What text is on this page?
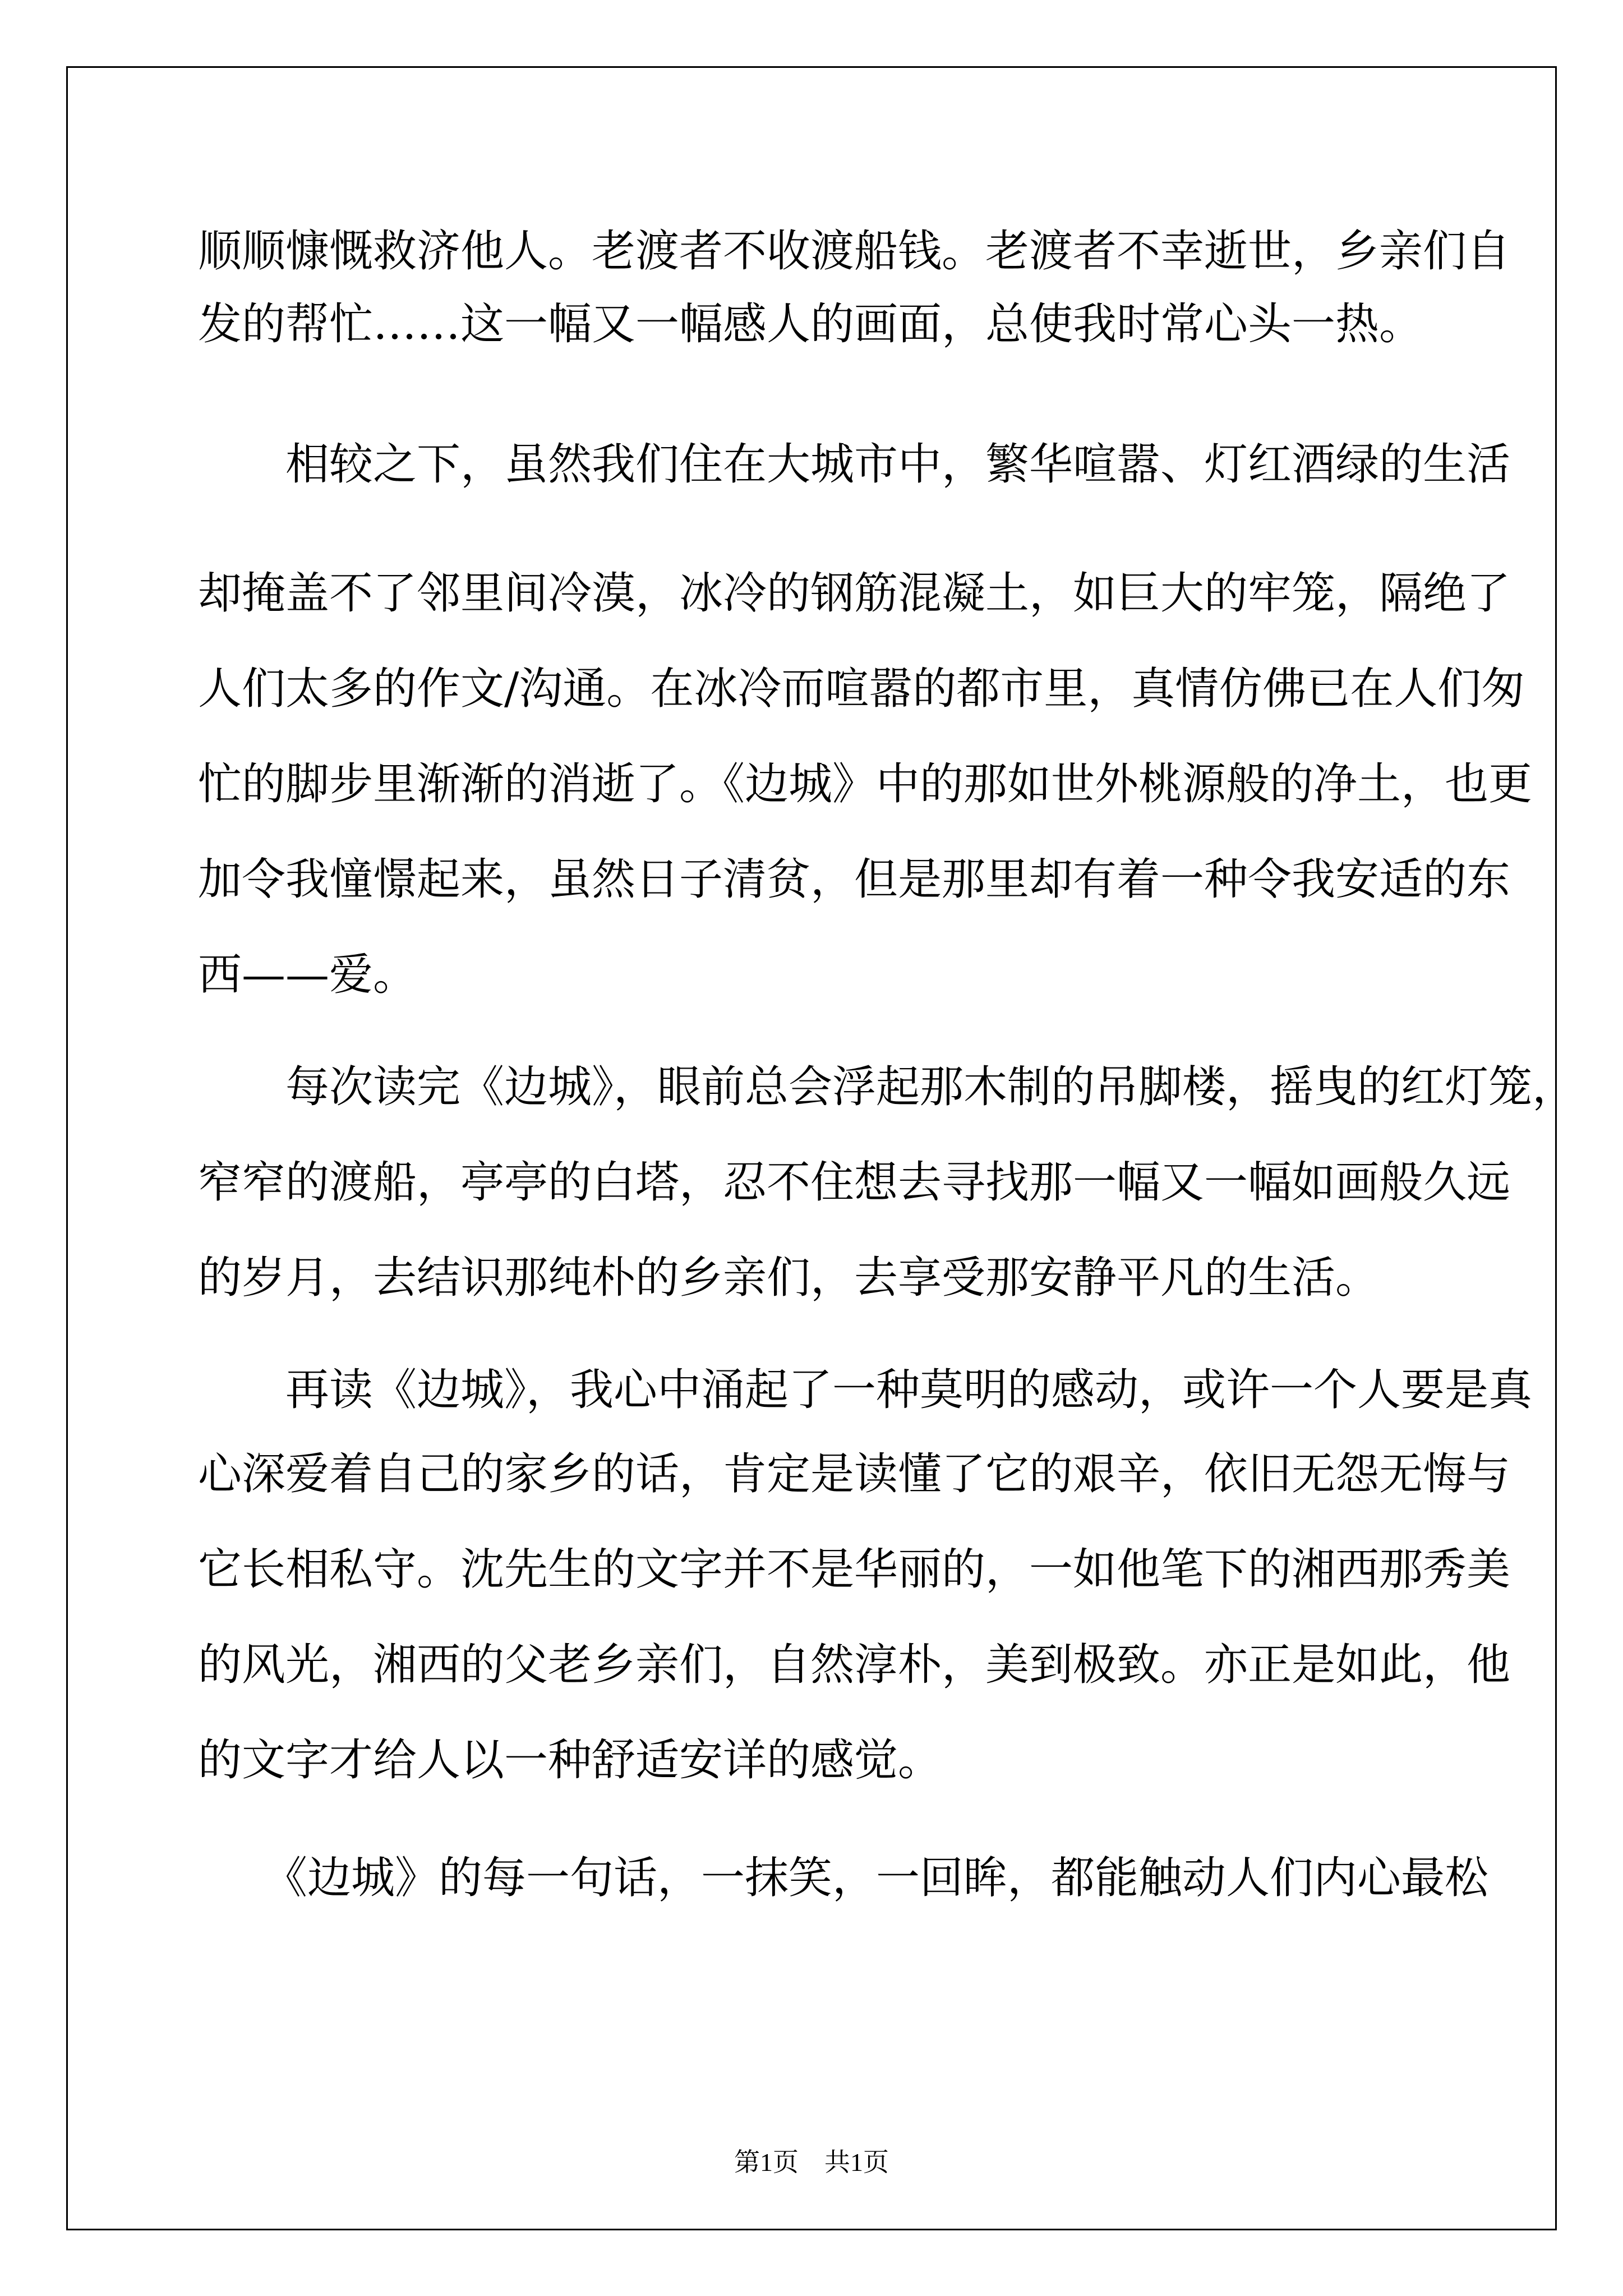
顺顺慷慨救济他人。老渡者不收渡船钱。老渡者不幸逝世，乡亲们自
发的帮忙……这一幅又一幅感人的画面，总使我时常心头一热。
　　相较之下，虽然我们住在大城市中，繁华喧嚣、灯红酒绿的生活
却掩盖不了邻里间冷漠，冰冷的钢筋混凝土，如巨大的牢笼，隔绝了
人们太多的作文/沟通。在冰冷而喧嚣的都市里，真情仿佛已在人们匆
忙的脚步里渐渐的消逝了。《边城》中的那如世外桃源般的净土，也更
加令我憧憬起来，虽然日子清贫，但是那里却有着一种令我安适的东
西——爱。
　　每次读完《边城》，眼前总会浮起那木制的吊脚楼，摇曳的红灯笼，
窄窄的渡船，亭亭的白塔，忍不住想去寻找那一幅又一幅如画般久远
的岁月，去结识那纯朴的乡亲们，去享受那安静平凡的生活。
　　再读《边城》，我心中涌起了一种莫明的感动，或许一个人要是真
心深爱着自己的家乡的话，肯定是读懂了它的艰辛，依旧无怨无悔与
它长相私守。沈先生的文字并不是华丽的，一如他笔下的湘西那秀美
的风光，湘西的父老乡亲们，自然淳朴，美到极致。亦正是如此，他
的文字才给人以一种舒适安详的感觉。
　　《边城》的每一句话，一抹笑，一回眸，都能触动人们内心最松
第1页　共1页
